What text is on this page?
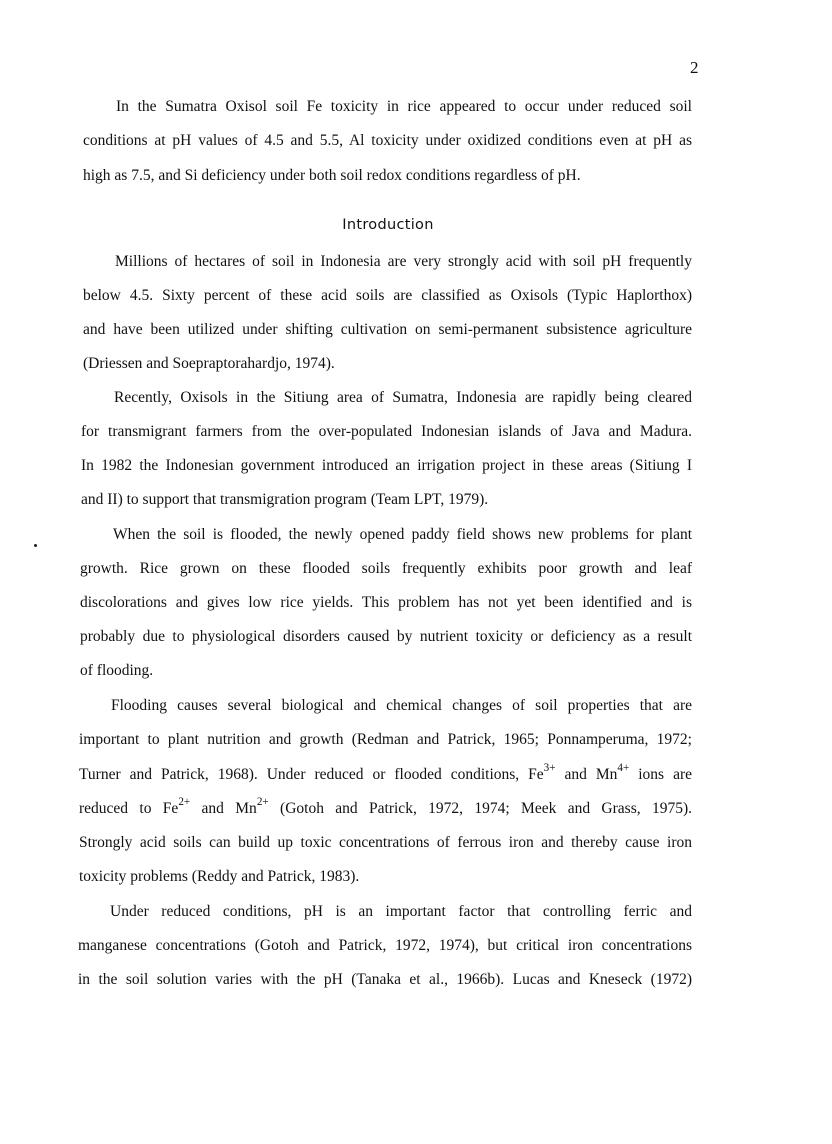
2
In the Sumatra Oxisol soil Fe toxicity in rice appeared to occur under reduced soil
conditions at pH values of 4.5 and 5.5, Al toxicity under oxidized conditions even at pH as
high as 7.5, and Si deficiency under both soil redox conditions regardless of pH.
Introduction
Millions of hectares of soil in Indonesia are very strongly acid with soil pH frequently
below 4.5. Sixty percent of these acid soils are classified as Oxisols (Typic Haplorthox)
and have been utilized under shifting cultivation on semi-permanent subsistence agriculture
(Driessen and Soepraptorahardjo, 1974).
Recently, Oxisols in the Sitiung area of Sumatra, Indonesia are rapidly being cleared
for transmigrant farmers from the over-populated Indonesian islands of Java and Madura.
In 1982 the Indonesian government introduced an irrigation project in these areas (Sitiung I
and II) to support that transmigration program (Team LPT, 1979).
When the soil is flooded, the newly opened paddy field shows new problems for plant
growth. Rice grown on these flooded soils frequently exhibits poor growth and leaf
discolorations and gives low rice yields. This problem has not yet been identified and is
probably due to physiological disorders caused by nutrient toxicity or deficiency as a result
of flooding.
Flooding causes several biological and chemical changes of soil properties that are
important to plant nutrition and growth (Redman and Patrick, 1965; Ponnamperuma, 1972;
Turner and Patrick, 1968). Under reduced or flooded conditions, $Fe^{3+}$ and $Mn^{4+}$ ions are
reduced to $Fe^{2+}$ and $Mn^{2+}$ (Gotoh and Patrick, 1972, 1974; Meek and Grass, 1975).
Strongly acid soils can build up toxic concentrations of ferrous iron and thereby cause iron
toxicity problems (Reddy and Patrick, 1983).
Under reduced conditions, pH is an important factor that controlling ferric and
manganese concentrations (Gotoh and Patrick, 1972, 1974), but critical iron concentrations
in the soil solution varies with the pH (Tanaka et al., 1966b). Lucas and Kneseck (1972)
